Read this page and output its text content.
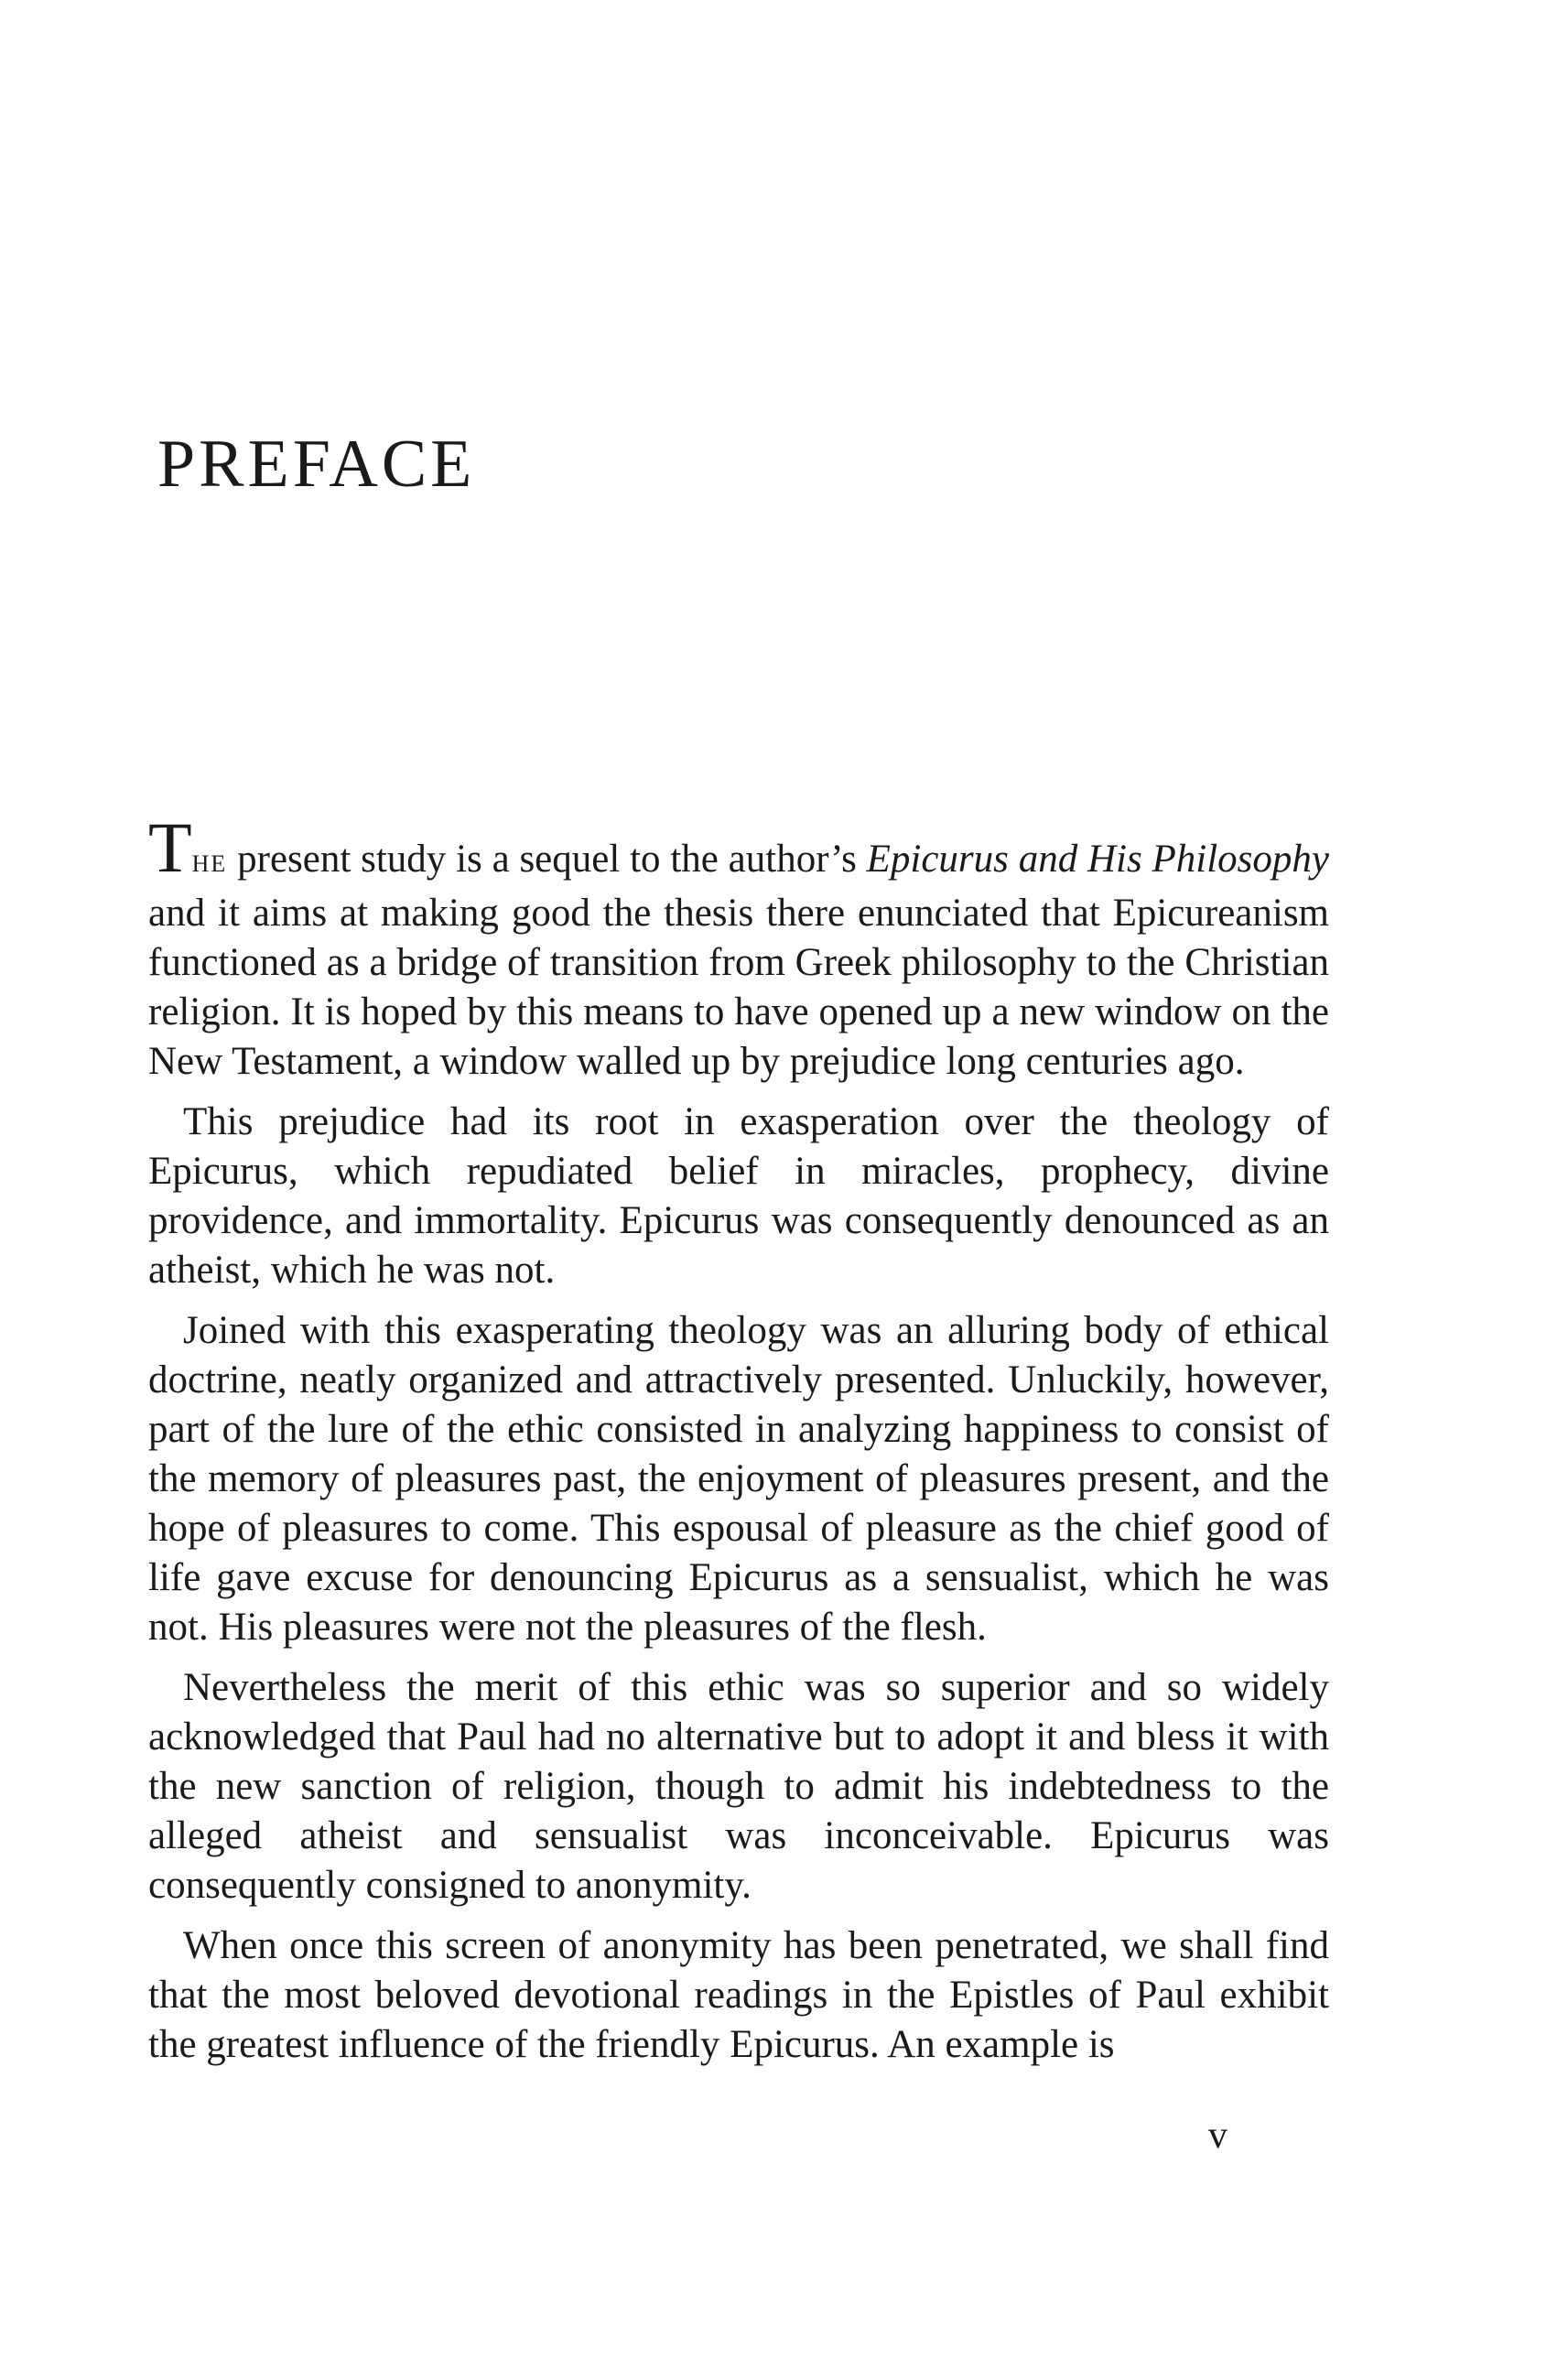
PREFACE

THE present study is a sequel to the author’s Epicurus and His Philosophy and it aims at making good the thesis there enunciated that Epicureanism functioned as a bridge of transition from Greek philosophy to the Christian religion. It is hoped by this means to have opened up a new window on the New Testament, a window walled up by prejudice long centuries ago.

This prejudice had its root in exasperation over the theology of Epicurus, which repudiated belief in miracles, prophecy, divine providence, and immortality. Epicurus was consequently denounced as an atheist, which he was not.

Joined with this exasperating theology was an alluring body of ethical doctrine, neatly organized and attractively presented. Unluckily, however, part of the lure of the ethic consisted in analyzing happiness to consist of the memory of pleasures past, the enjoyment of pleasures present, and the hope of pleasures to come. This espousal of pleasure as the chief good of life gave excuse for denouncing Epicurus as a sensualist, which he was not. His pleasures were not the pleasures of the flesh.

Nevertheless the merit of this ethic was so superior and so widely acknowledged that Paul had no alternative but to adopt it and bless it with the new sanction of religion, though to admit his indebtedness to the alleged atheist and sensualist was inconceivable. Epicurus was consequently consigned to anonymity.

When once this screen of anonymity has been penetrated, we shall find that the most beloved devotional readings in the Epistles of Paul exhibit the greatest influence of the friendly Epicurus. An example is

v
